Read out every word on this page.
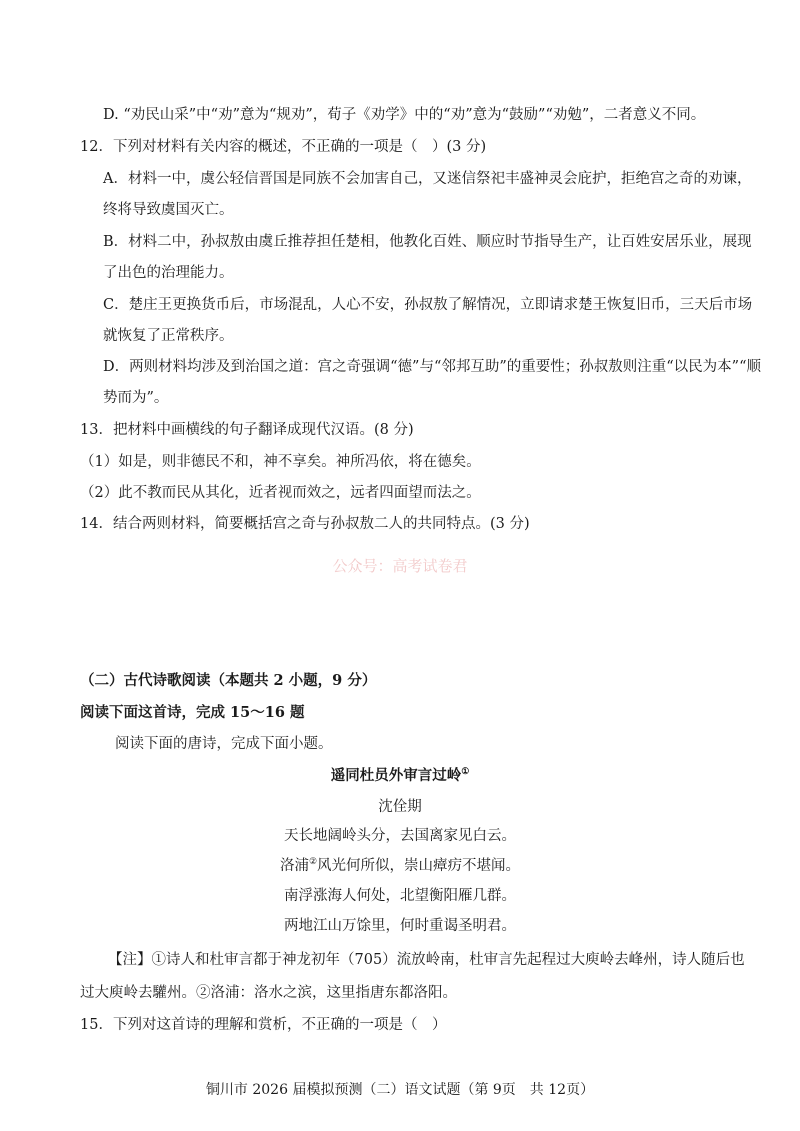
D. “劝民山采”中“劝”意为“规劝”，荀子《劝学》中的“劝”意为“鼓励”“劝勉”，二者意义不同。
12．下列对材料有关内容的概述，不正确的一项是（　）(3 分)
A．材料一中，虞公轻信晋国是同族不会加害自己，又迷信祭祀丰盛神灵会庇护，拒绝宫之奇的劝谏，
终将导致虞国灭亡。
B．材料二中，孙叔敖由虞丘推荐担任楚相，他教化百姓、顺应时节指导生产，让百姓安居乐业，展现
了出色的治理能力。
C．楚庄王更换货币后，市场混乱，人心不安，孙叔敖了解情况，立即请求楚王恢复旧币，三天后市场
就恢复了正常秩序。
D．两则材料均涉及到治国之道：宫之奇强调“德”与“邻邦互助”的重要性；孙叔敖则注重“以民为本”“顺
势而为”。
13．把材料中画横线的句子翻译成现代汉语。(8 分)
（1）如是，则非德民不和，神不享矣。神所冯依，将在德矣。
（2）此不教而民从其化，近者视而效之，远者四面望而法之。
14．结合两则材料，简要概括宫之奇与孙叔敖二人的共同特点。(3 分)
公众号：高考试卷君
（二）古代诗歌阅读（本题共 2 小题，9 分）
阅读下面这首诗，完成 15～16 题
阅读下面的唐诗，完成下面小题。
遥同杜员外审言过岭①
沈佺期
天长地阔岭头分，去国离家见白云。
洛浦②风光何所似，崇山瘴疠不堪闻。
南浮涨海人何处，北望衡阳雁几群。
两地江山万馀里，何时重谒圣明君。
【注】①诗人和杜审言都于神龙初年（705）流放岭南，杜审言先起程过大庾岭去峰州，诗人随后也
过大庾岭去驩州。②洛浦：洛水之滨，这里指唐东都洛阳。
15．下列对这首诗的理解和赏析，不正确的一项是（　）
铜川市 2026 届模拟预测（二）语文试题（第 9页　共 12页）
